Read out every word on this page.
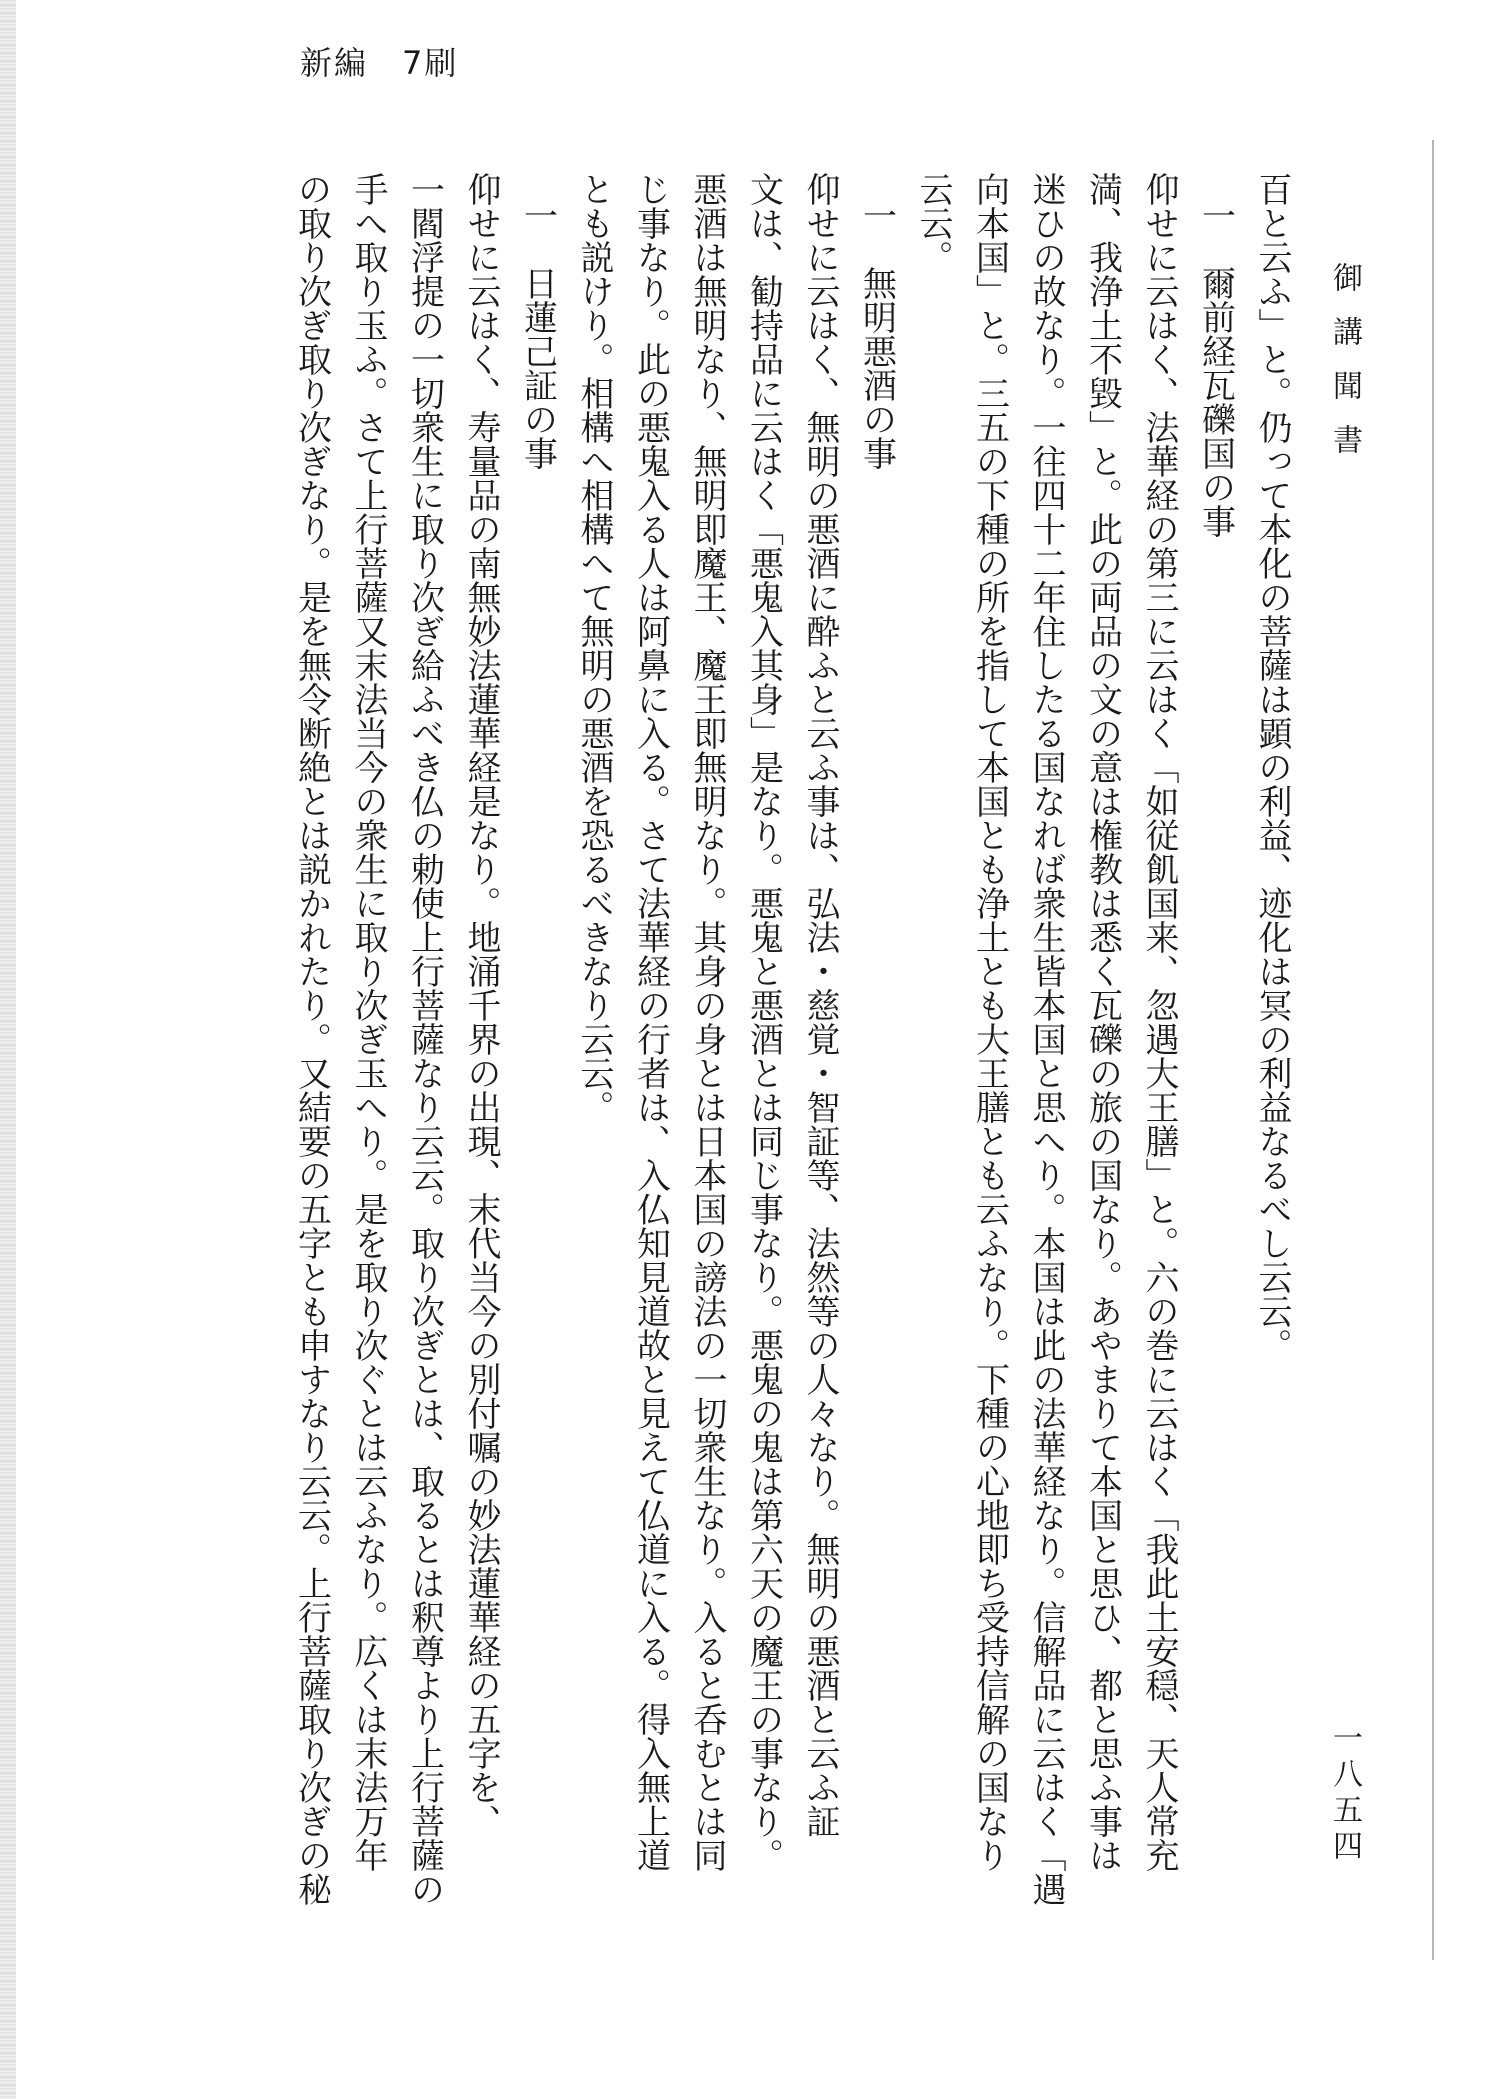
新編　7刷
御講聞書
一八五四
百と云ふ」と。仍って本化の菩薩は顕の利益、迹化は冥の利益なるべし云云。
一　爾前経瓦礫国の事
仰せに云はく、法華経の第三に云はく「如従飢国来、忽遇大王膳」と。六の巻に云はく「我此土安穏、天人常充
満、我浄土不毀」と。此の両品の文の意は権教は悉く瓦礫の旅の国なり。あやまりて本国と思ひ、都と思ふ事は
迷ひの故なり。一往四十二年住したる国なれば衆生皆本国と思へり。本国は此の法華経なり。信解品に云はく「遇
向本国」と。三五の下種の所を指して本国とも浄土とも大王膳とも云ふなり。下種の心地即ち受持信解の国なり
云云。
一　無明悪酒の事
仰せに云はく、無明の悪酒に酔ふと云ふ事は、弘法・慈覚・智証等、法然等の人々なり。無明の悪酒と云ふ証
文は、勧持品に云はく「悪鬼入其身」是なり。悪鬼と悪酒とは同じ事なり。悪鬼の鬼は第六天の魔王の事なり。
悪酒は無明なり、無明即魔王、魔王即無明なり。其身の身とは日本国の謗法の一切衆生なり。入ると呑むとは同
じ事なり。此の悪鬼入る人は阿鼻に入る。さて法華経の行者は、入仏知見道故と見えて仏道に入る。得入無上道
とも説けり。相構へ相構へて無明の悪酒を恐るべきなり云云。
一　日蓮己証の事
仰せに云はく、寿量品の南無妙法蓮華経是なり。地涌千界の出現、末代当今の別付嘱の妙法蓮華経の五字を、
一閻浮提の一切衆生に取り次ぎ給ふべき仏の勅使上行菩薩なり云云。取り次ぎとは、取るとは釈尊より上行菩薩の
手へ取り玉ふ。さて上行菩薩又末法当今の衆生に取り次ぎ玉へり。是を取り次ぐとは云ふなり。広くは末法万年
の取り次ぎ取り次ぎなり。是を無令断絶とは説かれたり。又結要の五字とも申すなり云云。上行菩薩取り次ぎの秘
